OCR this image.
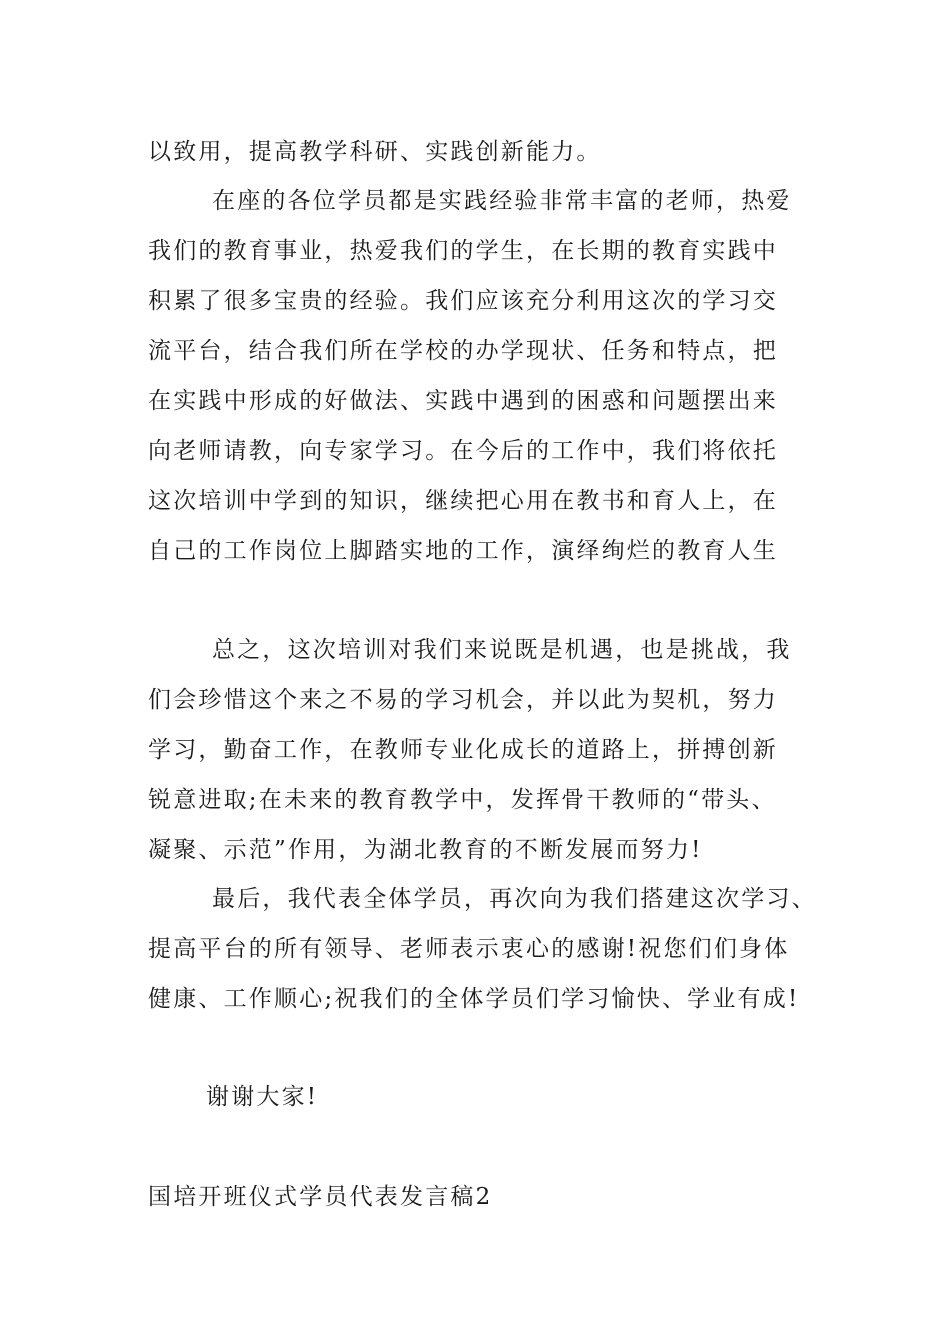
以致用，提高教学科研、实践创新能力。
在座的各位学员都是实践经验非常丰富的老师，热爱
我们的教育事业，热爱我们的学生，在长期的教育实践中
积累了很多宝贵的经验。我们应该充分利用这次的学习交
流平台，结合我们所在学校的办学现状、任务和特点，把
在实践中形成的好做法、实践中遇到的困惑和问题摆出来
向老师请教，向专家学习。在今后的工作中，我们将依托
这次培训中学到的知识，继续把心用在教书和育人上，在
自己的工作岗位上脚踏实地的工作，演绎绚烂的教育人生
总之，这次培训对我们来说既是机遇，也是挑战，我
们会珍惜这个来之不易的学习机会，并以此为契机，努力
学习，勤奋工作，在教师专业化成长的道路上，拼搏创新
锐意进取;在未来的教育教学中，发挥骨干教师的“带头、
凝聚、示范”作用，为湖北教育的不断发展而努力!
最后，我代表全体学员，再次向为我们搭建这次学习、
提高平台的所有领导、老师表示衷心的感谢!祝您们们身体
健康、工作顺心;祝我们的全体学员们学习愉快、学业有成!
谢谢大家!
国培开班仪式学员代表发言稿2
